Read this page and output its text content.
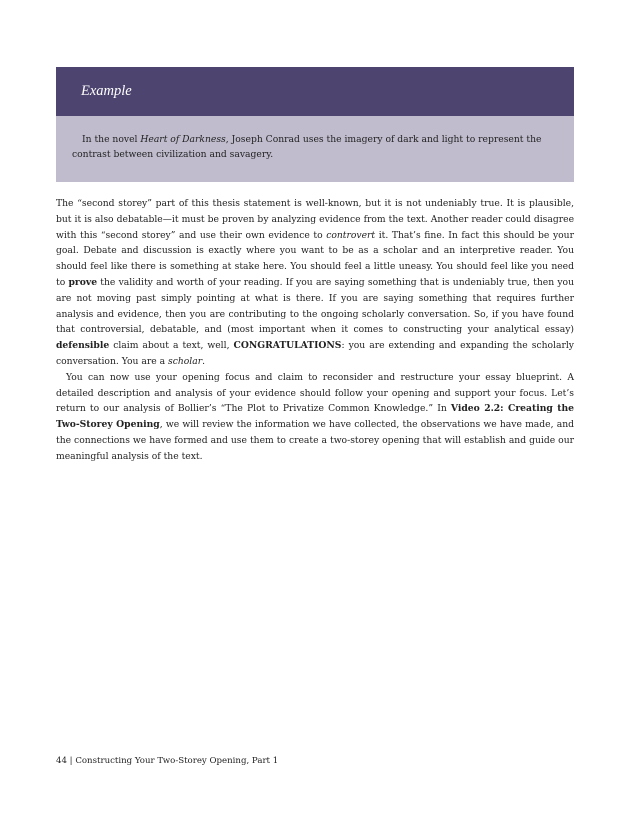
Example

In the novel Heart of Darkness, Joseph Conrad uses the imagery of dark and light to represent the contrast between civilization and savagery.

The “second storey” part of this thesis statement is well-known, but it is not undeniably true. It is plausible, but it is also debatable—it must be proven by analyzing evidence from the text. Another reader could disagree with this “second storey” and use their own evidence to controvert it. That’s fine. In fact this should be your goal. Debate and discussion is exactly where you want to be as a scholar and an interpretive reader. You should feel like there is something at stake here. You should feel a little uneasy. You should feel like you need to prove the validity and worth of your reading. If you are saying something that is undeniably true, then you are not moving past simply pointing at what is there. If you are saying something that requires further analysis and evidence, then you are contributing to the ongoing scholarly conversation. So, if you have found that controversial, debatable, and (most important when it comes to constructing your analytical essay) defensible claim about a text, well, CONGRATULATIONS: you are extending and expanding the scholarly conversation. You are a scholar.

You can now use your opening focus and claim to reconsider and restructure your essay blueprint. A detailed description and analysis of your evidence should follow your opening and support your focus. Let’s return to our analysis of Bollier’s “The Plot to Privatize Common Knowledge.” In Video 2.2: Creating the Two-Storey Opening, we will review the information we have collected, the observations we have made, and the connections we have formed and use them to create a two-storey opening that will establish and guide our meaningful analysis of the text.

44 | Constructing Your Two-Storey Opening, Part 1
